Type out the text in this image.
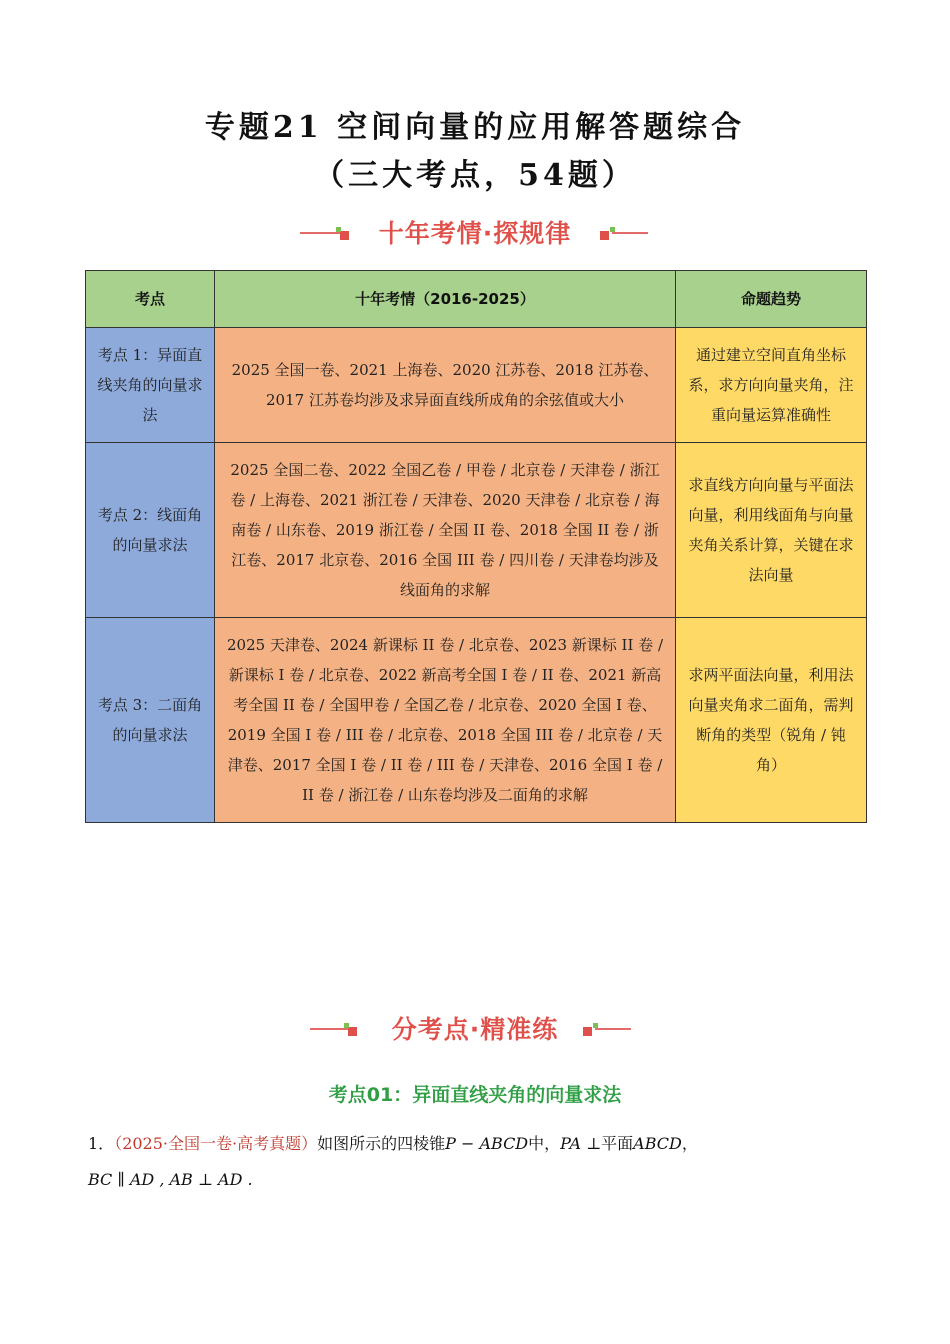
专题21 空间向量的应用解答题综合
（三大考点，54题）
十年考情·探规律
考点	十年考情（2016-2025）	命题趋势
考点 1：异面直线夹角的向量求法	2025 全国一卷、2021 上海卷、2020 江苏卷、2018 江苏卷、2017 江苏卷均涉及求异面直线所成角的余弦值或大小	通过建立空间直角坐标系，求方向向量夹角，注重向量运算准确性
考点 2：线面角的向量求法	2025 全国二卷、2022 全国乙卷 / 甲卷 / 北京卷 / 天津卷 / 浙江卷 / 上海卷、2021 浙江卷 / 天津卷、2020 天津卷 / 北京卷 / 海南卷 / 山东卷、2019 浙江卷 / 全国 II 卷、2018 全国 II 卷 / 浙江卷、2017 北京卷、2016 全国 III 卷 / 四川卷 / 天津卷均涉及线面角的求解	求直线方向向量与平面法向量，利用线面角与向量夹角关系计算，关键在求法向量
考点 3：二面角的向量求法	2025 天津卷、2024 新课标 II 卷 / 北京卷、2023 新课标 II 卷 / 新课标 I 卷 / 北京卷、2022 新高考全国 I 卷 / II 卷、2021 新高考全国 II 卷 / 全国甲卷 / 全国乙卷 / 北京卷、2020 全国 I 卷、2019 全国 I 卷 / III 卷 / 北京卷、2018 全国 III 卷 / 北京卷 / 天津卷、2017 全国 I 卷 / II 卷 / III 卷 / 天津卷、2016 全国 I 卷 / II 卷 / 浙江卷 / 山东卷均涉及二面角的求解	求两平面法向量，利用法向量夹角求二面角，需判断角的类型（锐角 / 钝角）
分考点·精准练
考点01：异面直线夹角的向量求法
1．（2025·全国一卷·高考真题）如图所示的四棱锥P − ABCD中，PA ⊥平面ABCD，
BC ∥ AD , AB ⊥ AD .
